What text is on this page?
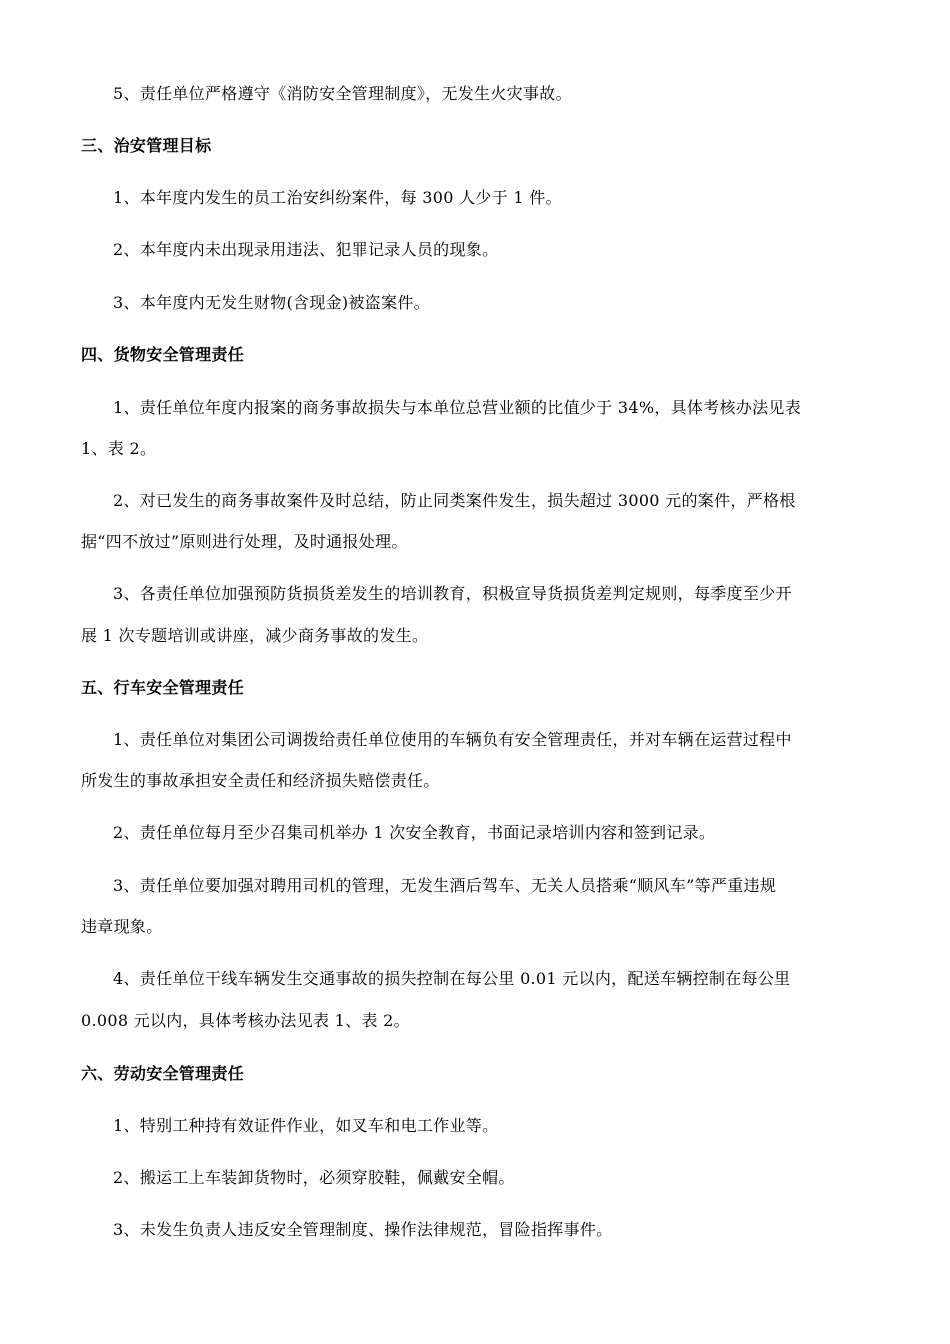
5、责任单位严格遵守《消防安全管理制度》，无发生火灾事故。
三、治安管理目标
1、本年度内发生的员工治安纠纷案件，每 300 人少于 1 件。
2、本年度内未出现录用违法、犯罪记录人员的现象。
3、本年度内无发生财物(含现金)被盗案件。
四、货物安全管理责任
1、责任单位年度内报案的商务事故损失与本单位总营业额的比值少于 34%，具体考核办法见表
1、表 2。
2、对已发生的商务事故案件及时总结，防止同类案件发生，损失超过 3000 元的案件，严格根
据“四不放过”原则进行处理，及时通报处理。
3、各责任单位加强预防货损货差发生的培训教育，积极宣导货损货差判定规则，每季度至少开
展 1 次专题培训或讲座，减少商务事故的发生。
五、行车安全管理责任
1、责任单位对集团公司调拨给责任单位使用的车辆负有安全管理责任，并对车辆在运营过程中
所发生的事故承担安全责任和经济损失赔偿责任。
2、责任单位每月至少召集司机举办 1 次安全教育，书面记录培训内容和签到记录。
3、责任单位要加强对聘用司机的管理，无发生酒后驾车、无关人员搭乘“顺风车”等严重违规
违章现象。
4、责任单位干线车辆发生交通事故的损失控制在每公里 0.01 元以内，配送车辆控制在每公里
0.008 元以内，具体考核办法见表 1、表 2。
六、劳动安全管理责任
1、特别工种持有效证件作业，如叉车和电工作业等。
2、搬运工上车装卸货物时，必须穿胶鞋，佩戴安全帽。
3、未发生负责人违反安全管理制度、操作法律规范，冒险指挥事件。
